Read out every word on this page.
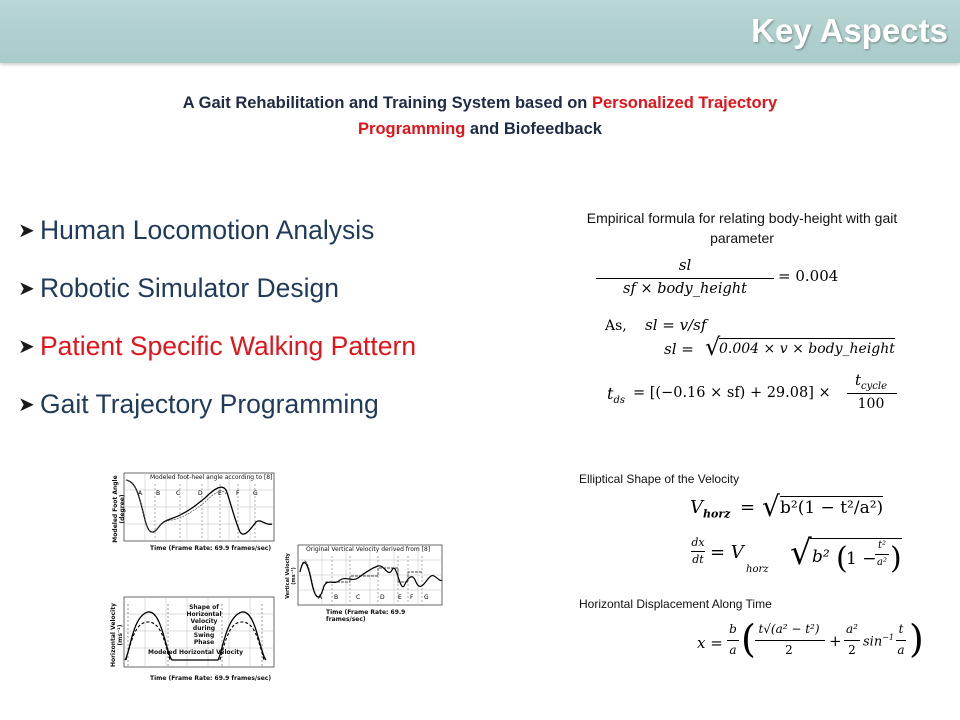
Key Aspects
A Gait Rehabilitation and Training System based on Personalized Trajectory
Programming and Biofeedback
➤ Human Locomotion Analysis
➤ Robotic Simulator Design
➤ Patient Specific Walking Pattern
➤ Gait Trajectory Programming
Empirical formula for relating body-height with gait parameter
sl
sf × body_height
= 0.004
As, sl = v/sf
sl = √
0.004 × v × body_height
$t_{ds} = [(-0.16 \times sf) + 29.08]$ ×
$t_{cycle}$
100
Elliptical Shape of the Velocity
$V_{horz}$ = √ b²(1 − t²/a²)
dx
dt = V
horz √ b² (
1 −
t²
a² )
Horizontal Displacement Along Time
x =
b
a ( t√(a² − t²)
2	+
a²
2
$\sin^{-1}$
t
a )
Modeled foot-heel angle according to [8]
Modeled Foot Angle (degree)
Time (Frame Rate: 69.9 frames/sec)	Original Vertical Velocity derived from [8]
Vertical Velocity (ms⁻¹)
Time (Frame Rate: 69.9 frames/sec)
Shape of Horizontal Velocity during Swing Phase
Modeled Horizontal Velocity
Horizontal Velocity (ms⁻¹)
Time (Frame Rate: 69.9 frames/sec)
A B	C	D	E F G
A B	C	D E F G
